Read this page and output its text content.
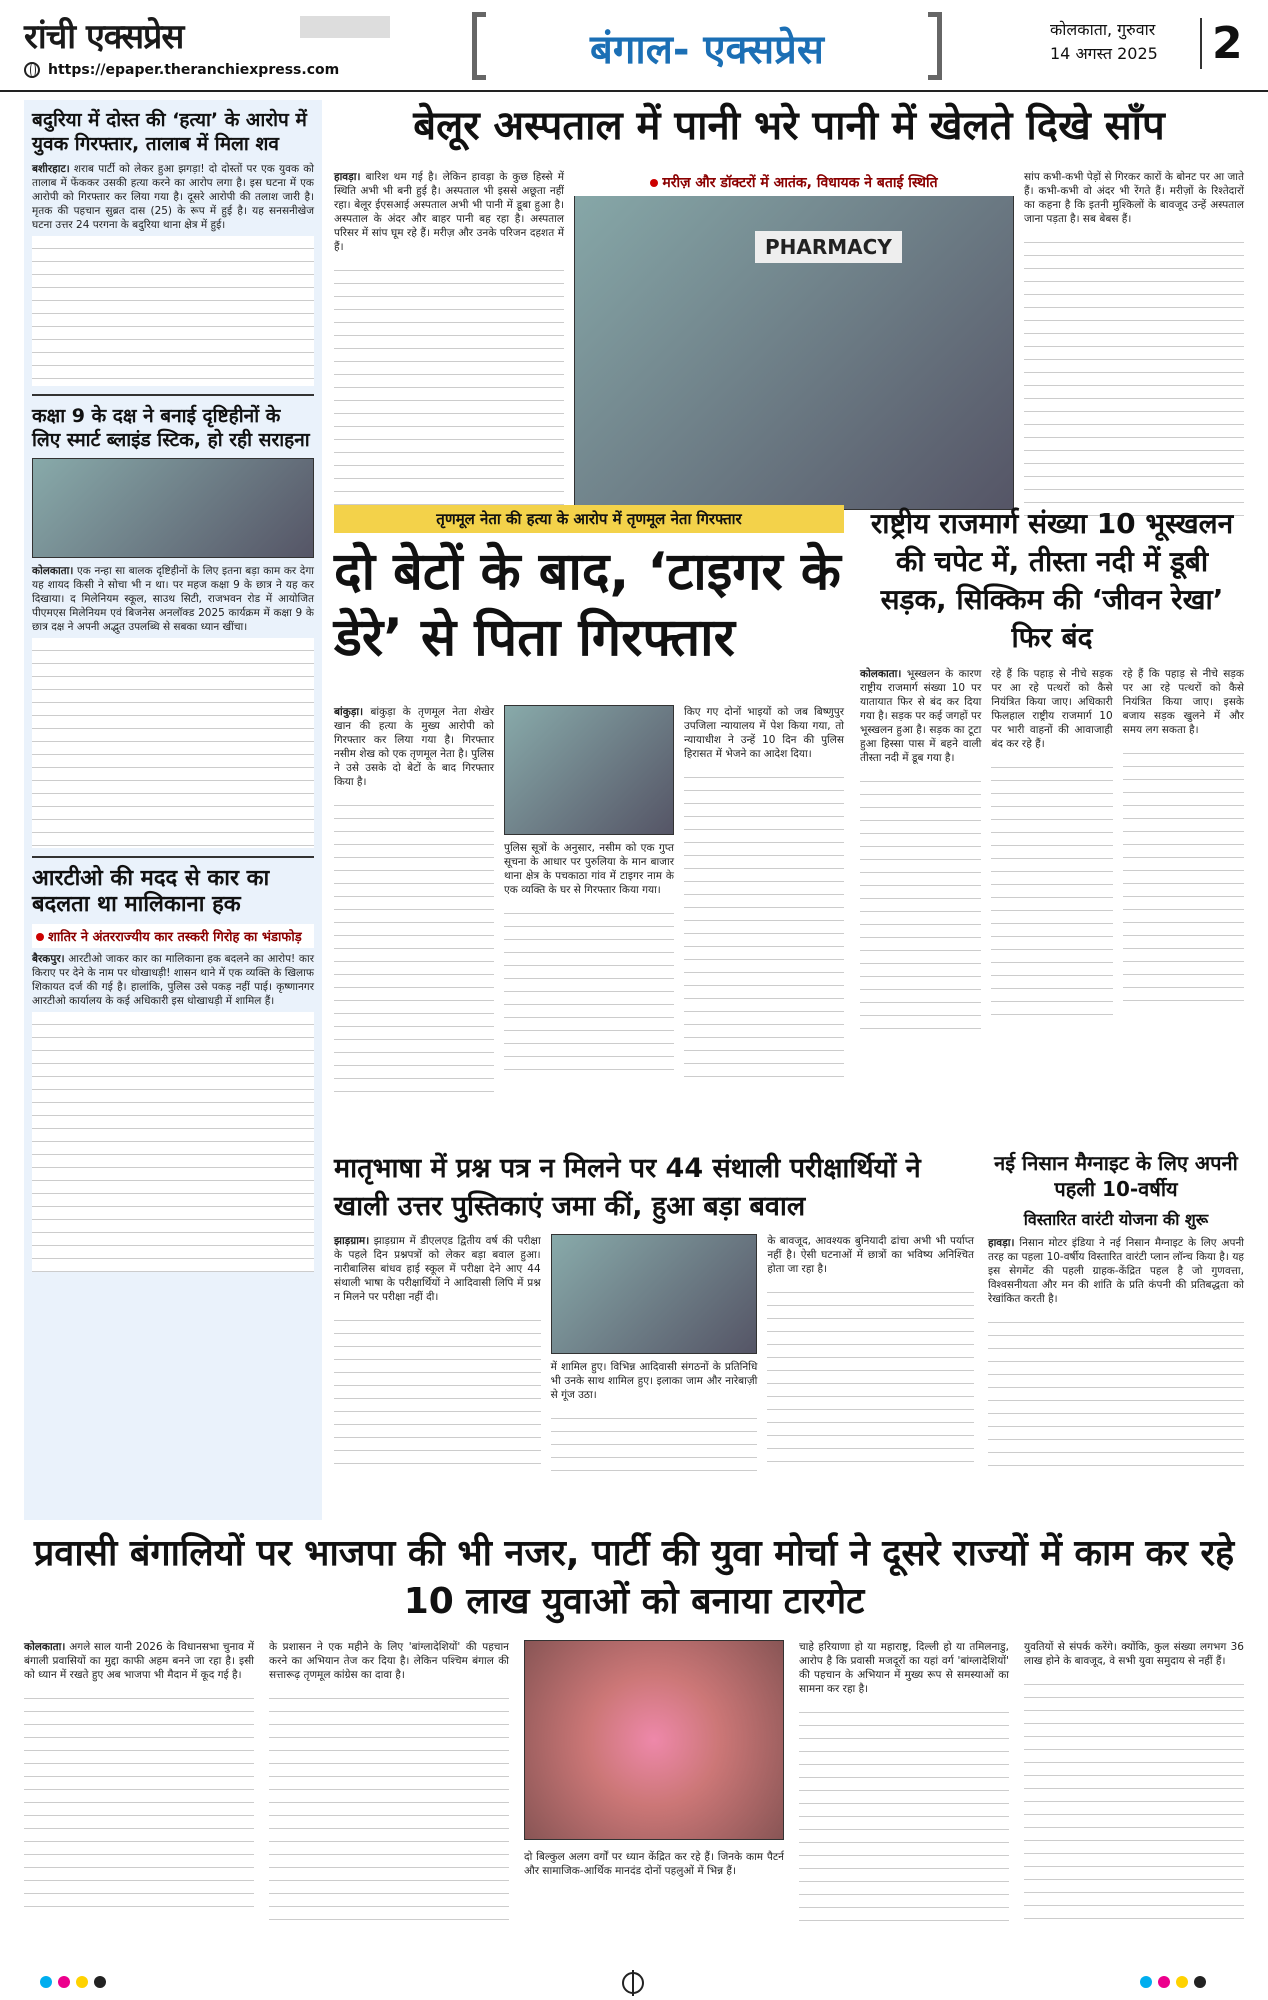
रांची एक्सप्रेस
https://epaper.theranchiexpress.com	बंगाल- एक्सप्रेस	कोलकाता, गुरुवार
14 अगस्त 2025 2
बदुरिया में दोस्त की ‘हत्या’ के आरोप में युवक गिरफ्तार, तालाब में मिला शव

बशीरहाट। शराब पार्टी को लेकर हुआ झगड़ा! दो दोस्तों पर एक युवक को तालाब में फेंककर उसकी हत्या करने का आरोप लगा है। इस घटना में एक आरोपी को गिरफ्तार कर लिया गया है। दूसरे आरोपी की तलाश जारी है। मृतक की पहचान सुब्रत दास (25) के रूप में हुई है। यह सनसनीखेज घटना उत्तर 24 परगना के बदुरिया थाना क्षेत्र में हुई।

कक्षा 9 के दक्ष ने बनाई दृष्टिहीनों के लिए स्मार्ट ब्लाइंड स्टिक, हो रही सराहना

कोलकाता। एक नन्हा सा बालक दृष्टिहीनों के लिए इतना बड़ा काम कर देगा यह शायद किसी ने सोचा भी न था। पर महज कक्षा 9 के छात्र ने यह कर दिखाया। द मिलेनियम स्कूल, साउथ सिटी, राजभवन रोड में आयोजित पीएमएस मिलेनियम एवं बिजनेस अनलॉक्ड 2025 कार्यक्रम में कक्षा 9 के छात्र दक्ष ने अपनी अद्भुत उपलब्धि से सबका ध्यान खींचा।

आरटीओ की मदद से कार का बदलता था मालिकाना हक
शातिर ने अंतरराज्यीय कार तस्करी गिरोह का भंडाफोड़

बैरकपुर। आरटीओ जाकर कार का मालिकाना हक बदलने का आरोप! कार किराए पर देने के नाम पर धोखाधड़ी! शासन थाने में एक व्यक्ति के खिलाफ शिकायत दर्ज की गई है। हालांकि, पुलिस उसे पकड़ नहीं पाई। कृष्णानगर आरटीओ कार्यालय के कई अधिकारी इस धोखाधड़ी में शामिल हैं।

बेलूर अस्पताल में पानी भरे पानी में खेलते दिखे साँप

हावड़ा। बारिश थम गई है। लेकिन हावड़ा के कुछ हिस्से में स्थिति अभी भी बनी हुई है। अस्पताल भी इससे अछूता नहीं रहा। बेलूर ईएसआई अस्पताल अभी भी पानी में डूबा हुआ है। अस्पताल के अंदर और बाहर पानी बह रहा है। अस्पताल परिसर में सांप घूम रहे हैं। मरीज़ और उनके परिजन दहशत में हैं।	PHARMACY
मरीज़ और डॉक्टरों में आतंक, विधायक ने बताई स्थिति	सांप कभी-कभी पेड़ों से गिरकर कारों के बोनट पर आ जाते हैं। कभी-कभी वो अंदर भी रेंगते हैं। मरीज़ों के रिश्तेदारों का कहना है कि इतनी मुश्किलों के बावजूद उन्हें अस्पताल जाना पड़ता है। सब बेबस हैं।

तृणमूल नेता की हत्या के आरोप में तृणमूल नेता गिरफ्तार
दो बेटों के बाद, ‘टाइगर के डेरे’ से पिता गिरफ्तार

बांकुड़ा। बांकुड़ा के तृणमूल नेता शेखेर खान की हत्या के मुख्य आरोपी को गिरफ्तार कर लिया गया है। गिरफ्तार नसीम शेख को एक तृणमूल नेता है। पुलिस ने उसे उसके दो बेटों के बाद गिरफ्तार किया है।

पुलिस सूत्रों के अनुसार, नसीम को एक गुप्त सूचना के आधार पर पुरुलिया के मान बाजार थाना क्षेत्र के पचकाठा गांव में टाइगर नाम के एक व्यक्ति के घर से गिरफ्तार किया गया।

किए गए दोनों भाइयों को जब बिष्णुपुर उपजिला न्यायालय में पेश किया गया, तो न्यायाधीश ने उन्हें 10 दिन की पुलिस हिरासत में भेजने का आदेश दिया।

राष्ट्रीय राजमार्ग संख्या 10 भूस्खलन की चपेट में, तीस्ता नदी में डूबी सड़क, सिक्किम की ‘जीवन रेखा’ फिर बंद

कोलकाता। भूस्खलन के कारण राष्ट्रीय राजमार्ग संख्या 10 पर यातायात फिर से बंद कर दिया गया है। सड़क पर कई जगहों पर भूस्खलन हुआ है। सड़क का टूटा हुआ हिस्सा पास में बहने वाली तीस्ता नदी में डूब गया है।

रहे हैं कि पहाड़ से नीचे सड़क पर आ रहे पत्थरों को कैसे नियंत्रित किया जाए। अधिकारी फिलहाल राष्ट्रीय राजमार्ग 10 पर भारी वाहनों की आवाजाही बंद कर रहे हैं।

रहे हैं कि पहाड़ से नीचे सड़क पर आ रहे पत्थरों को कैसे नियंत्रित किया जाए। इसके बजाय सड़क खुलने में और समय लग सकता है।

मातृभाषा में प्रश्न पत्र न मिलने पर 44 संथाली परीक्षार्थियों ने खाली उत्तर पुस्तिकाएं जमा कीं, हुआ बड़ा बवाल

झाड़ग्राम। झाड़ग्राम में डीएलएड द्वितीय वर्ष की परीक्षा के पहले दिन प्रश्नपत्रों को लेकर बड़ा बवाल हुआ। नारीबालिस बांधव हाई स्कूल में परीक्षा देने आए 44 संथाली भाषा के परीक्षार्थियों ने आदिवासी लिपि में प्रश्न न मिलने पर परीक्षा नहीं दी।

में शामिल हुए। विभिन्न आदिवासी संगठनों के प्रतिनिधि भी उनके साथ शामिल हुए। इलाका जाम और नारेबाज़ी से गूंज उठा।

के बावजूद, आवश्यक बुनियादी ढांचा अभी भी पर्याप्त नहीं है। ऐसी घटनाओं में छात्रों का भविष्य अनिश्चित होता जा रहा है।

नई निसान मैग्नाइट के लिए अपनी पहली 10-वर्षीय
विस्तारित वारंटी योजना की शुरू

हावड़ा। निसान मोटर इंडिया ने नई निसान मैग्नाइट के लिए अपनी तरह का पहला 10-वर्षीय विस्तारित वारंटी प्लान लॉन्च किया है। यह इस सेगमेंट की पहली ग्राहक-केंद्रित पहल है जो गुणवत्ता, विश्वसनीयता और मन की शांति के प्रति कंपनी की प्रतिबद्धता को रेखांकित करती है।

प्रवासी बंगालियों पर भाजपा की भी नजर, पार्टी की युवा मोर्चा ने दूसरे राज्यों में काम कर रहे 10 लाख युवाओं को बनाया टारगेट

कोलकाता। अगले साल यानी 2026 के विधानसभा चुनाव में बंगाली प्रवासियों का मुद्दा काफी अहम बनने जा रहा है। इसी को ध्यान में रखते हुए अब भाजपा भी मैदान में कूद गई है।

के प्रशासन ने एक महीने के लिए 'बांग्लादेशियों' की पहचान करने का अभियान तेज कर दिया है। लेकिन पश्चिम बंगाल की सत्तारूढ़ तृणमूल कांग्रेस का दावा है।

दो बिल्कुल अलग वर्गों पर ध्यान केंद्रित कर रहे हैं। जिनके काम पैटर्न और सामाजिक-आर्थिक मानदंड दोनों पहलुओं में भिन्न हैं।

चाहे हरियाणा हो या महाराष्ट्र, दिल्ली हो या तमिलनाडु, आरोप है कि प्रवासी मजदूरों का यहां वर्ग 'बांग्लादेशियों' की पहचान के अभियान में मुख्य रूप से समस्याओं का सामना कर रहा है।

युवतियों से संपर्क करेंगे। क्योंकि, कुल संख्या लगभग 36 लाख होने के बावजूद, वे सभी युवा समुदाय से नहीं हैं।
